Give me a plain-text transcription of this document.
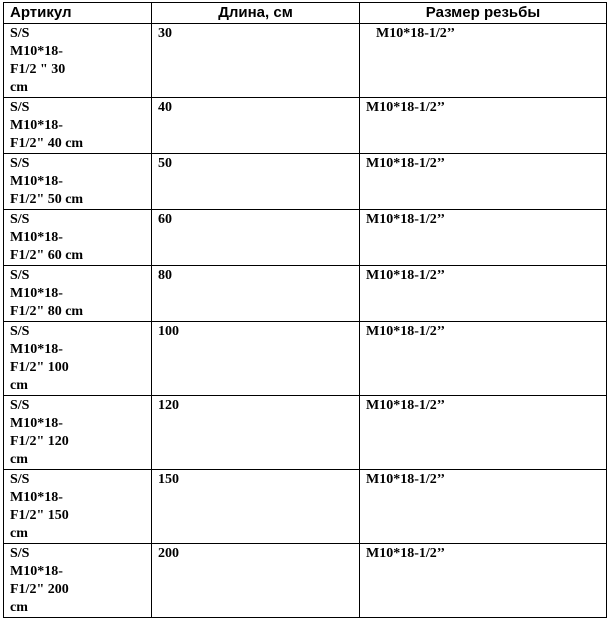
Артикул	Длина, см	Размер резьбы

S/S
M10*18-
F1/2 " 30
cm	30	M10*18-1/2’’

S/S
M10*18-
F1/2" 40 cm	40	M10*18-1/2’’

S/S
M10*18-
F1/2" 50 cm	50	M10*18-1/2’’

S/S
M10*18-
F1/2" 60 cm	60	M10*18-1/2’’

S/S
M10*18-
F1/2" 80 cm	80	M10*18-1/2’’

S/S
M10*18-
F1/2" 100
cm	100	M10*18-1/2’’

S/S
M10*18-
F1/2" 120
cm	120	M10*18-1/2’’

S/S
M10*18-
F1/2" 150
cm	150	M10*18-1/2’’

S/S
M10*18-
F1/2" 200
cm	200	M10*18-1/2’’
